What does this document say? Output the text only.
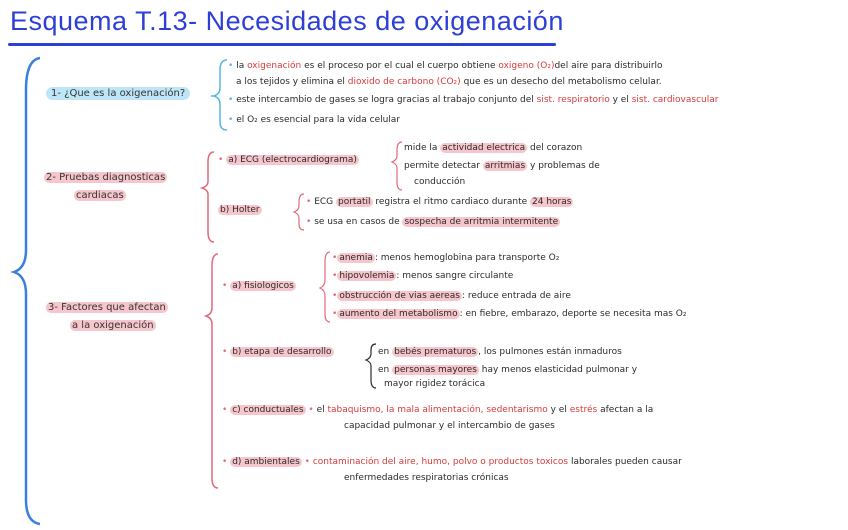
Esquema T.13- Necesidades de oxigenación
1- ¿Que es la oxigenación?
• la oxigenación es el proceso por el cual el cuerpo obtiene oxigeno (O₂)del aire para distribuirlo
a los tejidos y elimina el dioxido de carbono (CO₂) que es un desecho del metabolismo celular.
• este intercambio de gases se logra gracias al trabajo conjunto del sist. respiratorio y el sist. cardiovascular
• el O₂ es esencial para la vida celular
2- Pruebas diagnosticas
cardiacas
• a) ECG (electrocardiograma)
mide la actividad electrica del corazon
permite detectar arritmias y problemas de
conducción
b) Holter
• ECG portatil registra el ritmo cardiaco durante 24 horas
• se usa en casos de sospecha de arritmia intermitente
3- Factores que afectan
a la oxigenación
• a) fisiologicos
• anemia : menos hemoglobina para transporte O₂
• hipovolemia : menos sangre circulante
• obstrucción de vias aereas : reduce entrada de aire
• aumento del metabolismo : en fiebre, embarazo, deporte se necesita mas O₂
• b) etapa de desarrollo	en bebés prematuros , los pulmones están inmaduros
en personas mayores hay menos elasticidad pulmonar y
mayor rigidez torácica
• c) conductuales • el tabaquismo, la mala alimentación, sedentarismo y el estrés afectan a la
capacidad pulmonar y el intercambio de gases
• d) ambientales • contaminación del aire, humo, polvo o productos toxicos laborales pueden causar
enfermedades respiratorias crónicas
